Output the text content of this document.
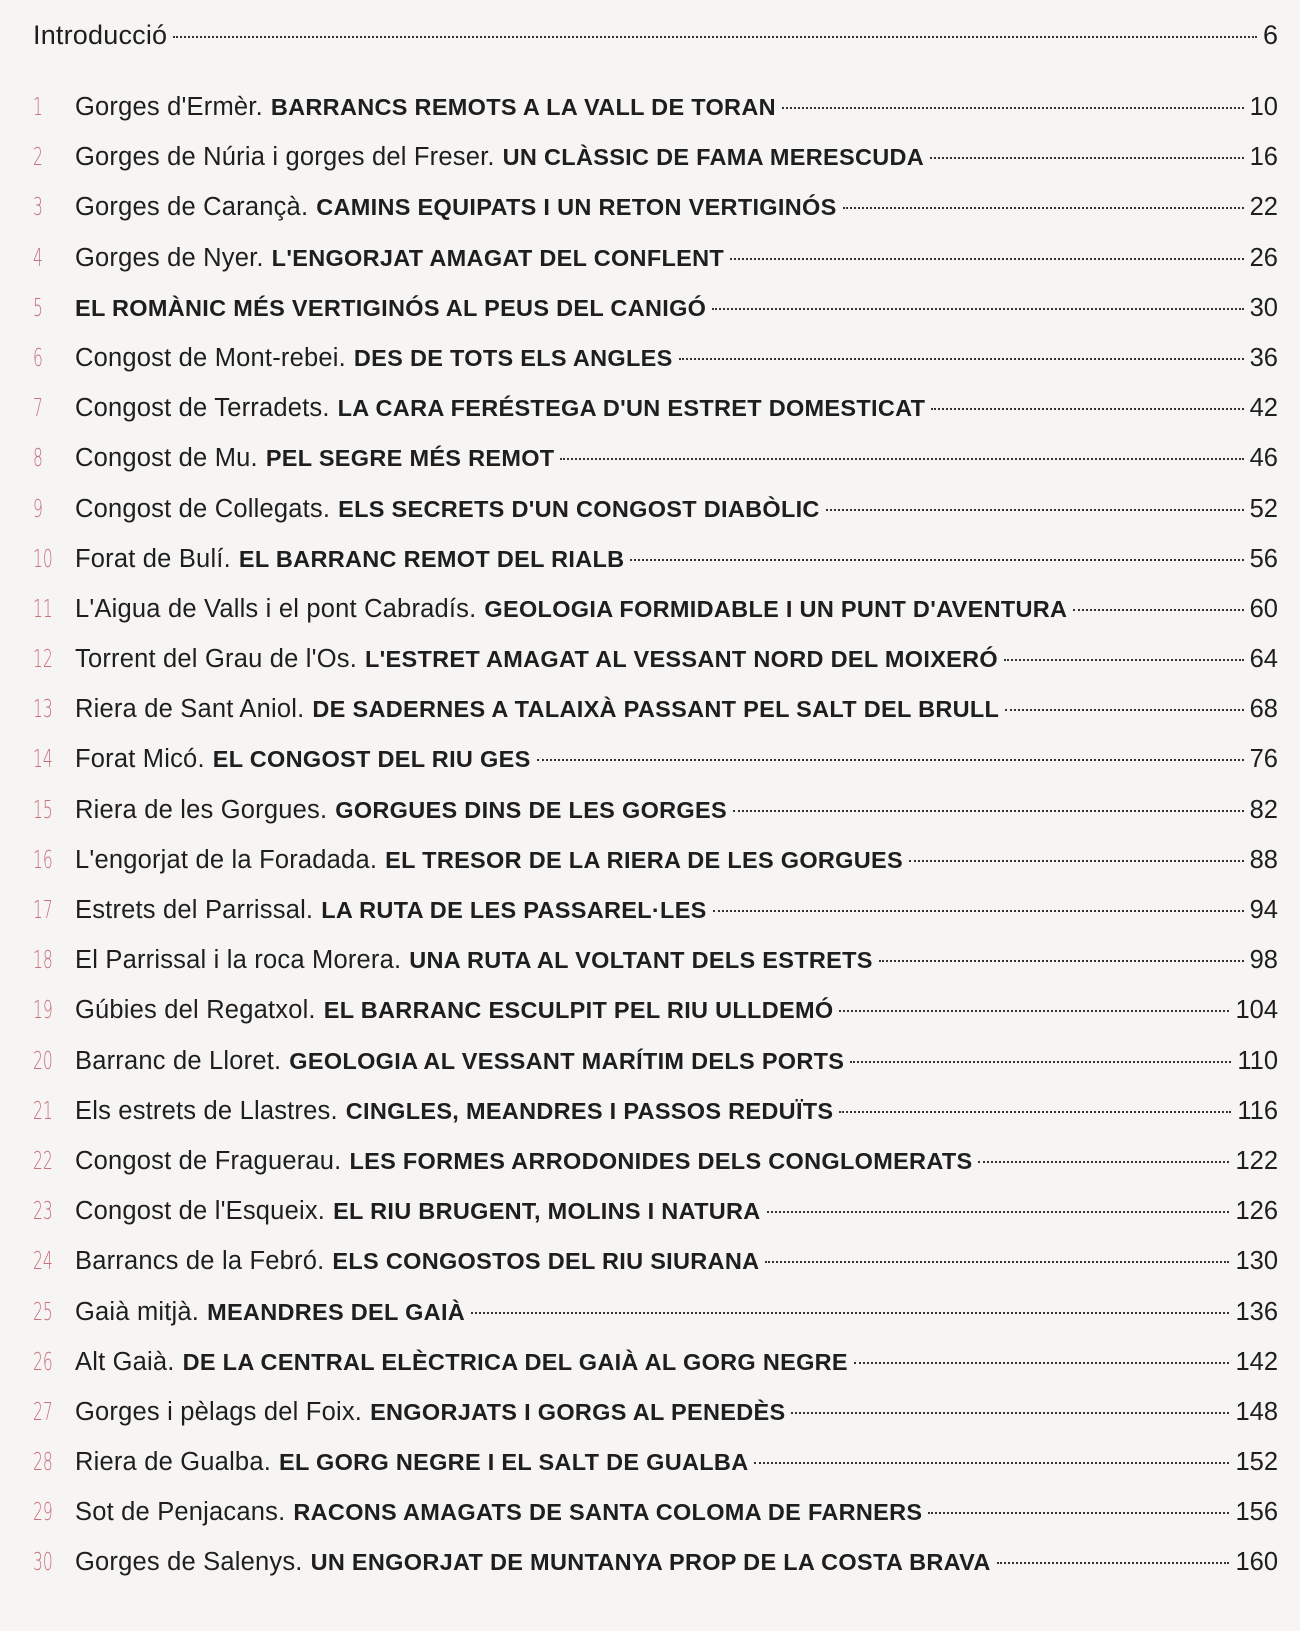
Introducció	6
1	Gorges d'Ermèr. BARRANCS REMOTS A LA VALL DE TORAN	10
2	Gorges de Núria i gorges del Freser. UN CLÀSSIC DE FAMA MERESCUDA	16
3	Gorges de Carançà. CAMINS EQUIPATS I UN RETON VERTIGINÓS	22
4	Gorges de Nyer. L'ENGORJAT AMAGAT DEL CONFLENT	26
5	EL ROMÀNIC MÉS VERTIGINÓS AL PEUS DEL CANIGÓ	30
6	Congost de Mont-rebei. DES DE TOTS ELS ANGLES	36
7	Congost de Terradets. LA CARA FERÉSTEGA D'UN ESTRET DOMESTICAT	42
8	Congost de Mu. PEL SEGRE MÉS REMOT	46
9	Congost de Collegats. ELS SECRETS D'UN CONGOST DIABÒLIC	52
10 Forat de Bulí. EL BARRANC REMOT DEL RIALB	56
11 L'Aigua de Valls i el pont Cabradís. GEOLOGIA FORMIDABLE I UN PUNT D'AVENTURA	60
12 Torrent del Grau de l'Os. L'ESTRET AMAGAT AL VESSANT NORD DEL MOIXERÓ	64
13 Riera de Sant Aniol. DE SADERNES A TALAIXÀ PASSANT PEL SALT DEL BRULL	68
14 Forat Micó. EL CONGOST DEL RIU GES	76
15 Riera de les Gorgues. GORGUES DINS DE LES GORGES	82
16 L'engorjat de la Foradada. EL TRESOR DE LA RIERA DE LES GORGUES	88
17 Estrets del Parrissal. LA RUTA DE LES PASSAREL·LES	94
18 El Parrissal i la roca Morera. UNA RUTA AL VOLTANT DELS ESTRETS	98
19 Gúbies del Regatxol. EL BARRANC ESCULPIT PEL RIU ULLDEMÓ	104
20 Barranc de Lloret. GEOLOGIA AL VESSANT MARÍTIM DELS PORTS	110
21 Els estrets de Llastres. CINGLES, MEANDRES I PASSOS REDUÏTS	116
22 Congost de Fraguerau. LES FORMES ARRODONIDES DELS CONGLOMERATS	122
23 Congost de l'Esqueix. EL RIU BRUGENT, MOLINS I NATURA	126
24 Barrancs de la Febró. ELS CONGOSTOS DEL RIU SIURANA	130
25 Gaià mitjà. MEANDRES DEL GAIÀ	136
26 Alt Gaià. DE LA CENTRAL ELÈCTRICA DEL GAIÀ AL GORG NEGRE	142
27 Gorges i pèlags del Foix. ENGORJATS I GORGS AL PENEDÈS	148
28 Riera de Gualba. EL GORG NEGRE I EL SALT DE GUALBA	152
29 Sot de Penjacans. RACONS AMAGATS DE SANTA COLOMA DE FARNERS	156
30 Gorges de Salenys. UN ENGORJAT DE MUNTANYA PROP DE LA COSTA BRAVA	160
